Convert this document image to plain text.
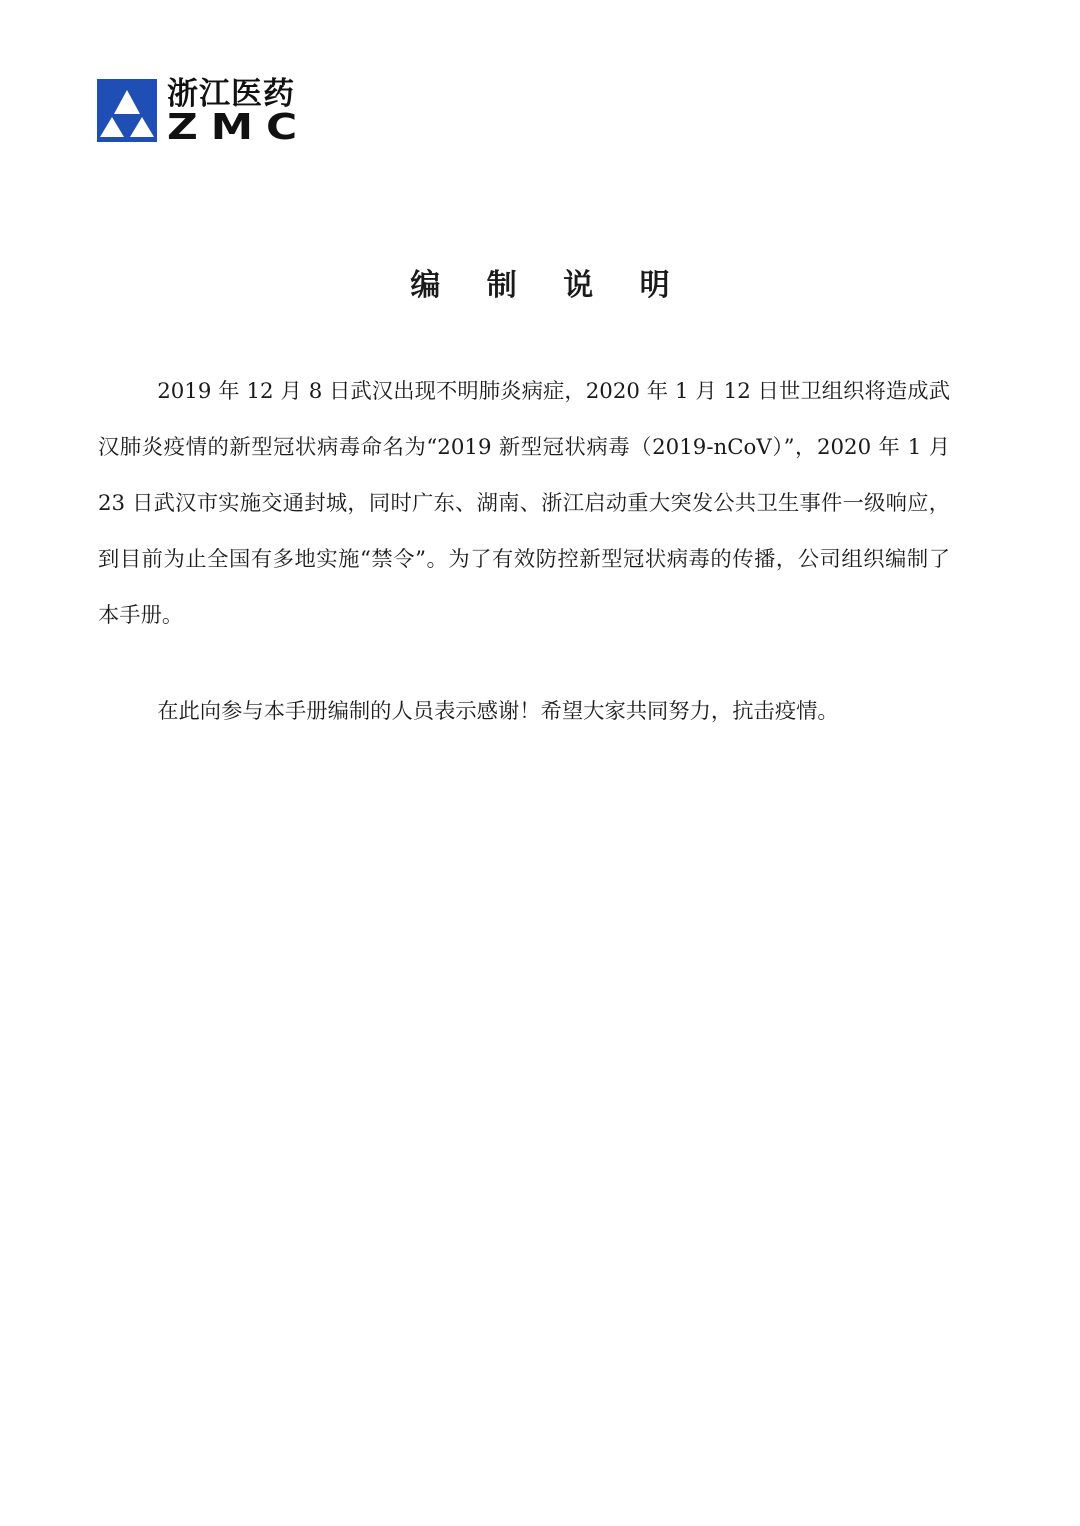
浙江医药
ZMC
编 制 说 明

2019 年 12 月 8 日武汉出现不明肺炎病症，2020 年 1 月 12 日世卫组织将造成武汉肺炎疫情的新型冠状病毒命名为“2019 新型冠状病毒（2019-nCoV）”，2020 年 1 月 23 日武汉市实施交通封城，同时广东、湖南、浙江启动重大突发公共卫生事件一级响应，到目前为止全国有多地实施“禁令”。为了有效防控新型冠状病毒的传播，公司组织编制了本手册。

在此向参与本手册编制的人员表示感谢！希望大家共同努力，抗击疫情。
